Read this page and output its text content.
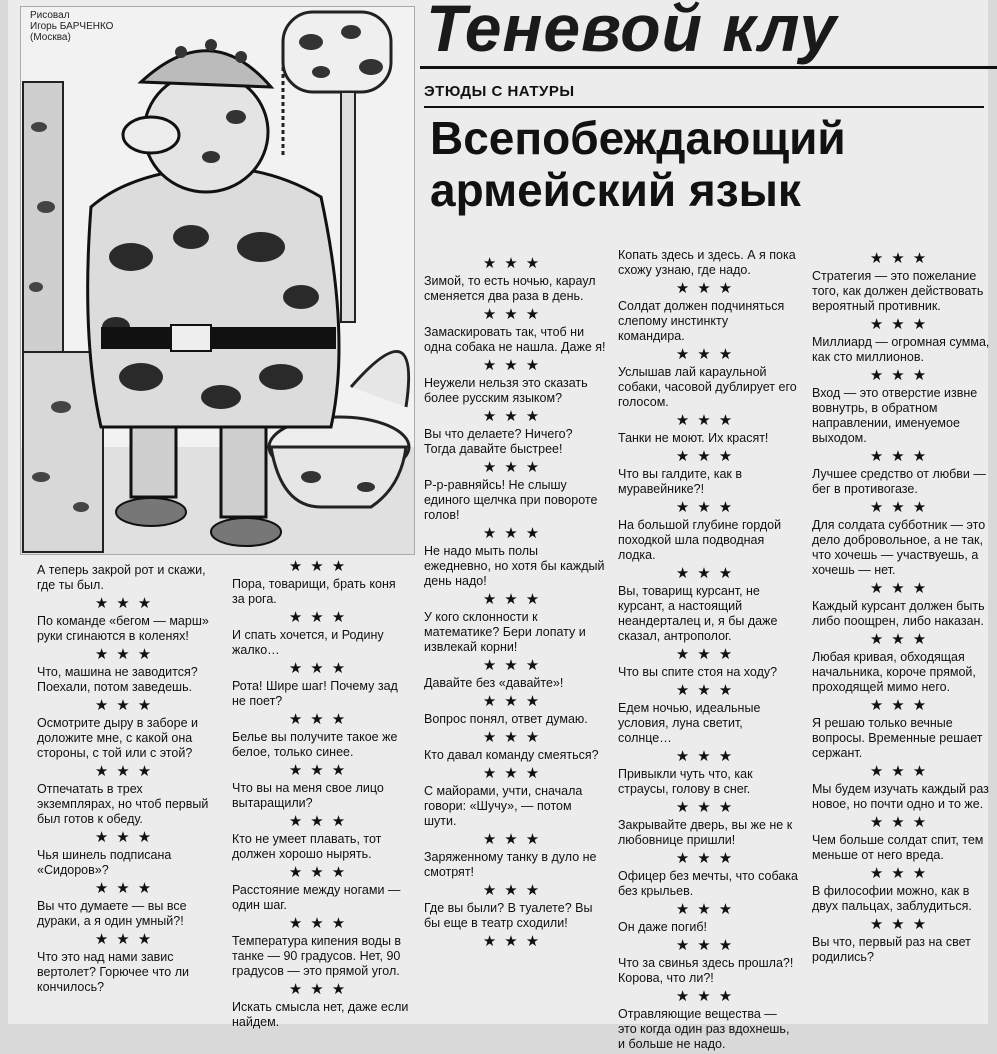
Рисовал
Игорь БАРЧЕНКО
(Москва)	Теневой клу
ЭТЮДЫ С НАТУРЫ
Всепобеждающий армейский язык

А теперь закрой рот и скажи, где ты был.

★★★

По команде «бегом — марш» руки сгинаются в коленях!

★★★

Что, машина не заводится? Поехали, потом заведешь.

★★★

Осмотрите дыру в заборе и доложите мне, с какой она стороны, с той или с этой?

★★★

Отпечатать в трех экземплярах, но чтоб первый был готов к обеду.

★★★

Чья шинель подписана «Сидоров»?

★★★

Вы что думаете — вы все дураки, а я один умный?!

★★★

Что это над нами завис вертолет? Горючее что ли кончилось?

★★★

Пора, товарищи, брать коня за рога.

★★★

И спать хочется, и Родину жалко…

★★★

Рота! Шире шаг! Почему зад не поет?

★★★

Белье вы получите такое же белое, только синее.

★★★

Что вы на меня свое лицо вытаращили?

★★★

Кто не умеет плавать, тот должен хорошо нырять.

★★★

Расстояние между ногами — один шаг.

★★★

Температура кипения воды в танке — 90 градусов. Нет, 90 градусов — это прямой угол.

★★★

Искать смысла нет, даже если найдем.

★★★

Зимой, то есть ночью, караул сменяется два раза в день.

★★★

Замаскировать так, чтоб ни одна собака не нашла. Даже я!

★★★

Неужели нельзя это сказать более русским языком?

★★★

Вы что делаете? Ничего? Тогда давайте быстрее!

★★★

Р-р-равняйсь! Не слышу единого щелчка при повороте голов!

★★★

Не надо мыть полы ежедневно, но хотя бы каждый день надо!

★★★

У кого склонности к математике? Бери лопату и извлекай корни!

★★★

Давайте без «давайте»!

★★★

Вопрос понял, ответ думаю.

★★★

Кто давал команду смеяться?

★★★

С майорами, учти, сначала говори: «Шучу», — потом шути.

★★★

Заряженному танку в дуло не смотрят!

★★★

Где вы были? В туалете? Вы бы еще в театр сходили!

★★★

Копать здесь и здесь. А я пока схожу узнаю, где надо.

★★★

Солдат должен подчиняться слепому инстинкту командира.

★★★

Услышав лай караульной собаки, часовой дублирует его голосом.

★★★

Танки не моют. Их красят!

★★★

Что вы галдите, как в муравейнике?!

★★★

На большой глубине гордой походкой шла подводная лодка.

★★★

Вы, товарищ курсант, не курсант, а настоящий неандерталец и, я бы даже сказал, антрополог.

★★★

Что вы спите стоя на ходу?

★★★

Едем ночью, идеальные условия, луна светит, солнце…

★★★

Привыкли чуть что, как страусы, голову в снег.

★★★

Закрывайте дверь, вы же не к любовнице пришли!

★★★

Офицер без мечты, что собака без крыльев.

★★★

Он даже погиб!

★★★

Что за свинья здесь прошла?! Корова, что ли?!

★★★

Отравляющие вещества — это когда один раз вдохнешь, и больше не надо.

★★★

Стратегия — это пожелание того, как должен действовать вероятный противник.

★★★

Миллиард — огромная сумма, как сто миллионов.

★★★

Вход — это отверстие извне вовнутрь, в обратном направлении, именуемое выходом.

★★★

Лучшее средство от любви — бег в противогазе.

★★★

Для солдата субботник — это дело добровольное, а не так, что хочешь — участвуешь, а хочешь — нет.

★★★

Каждый курсант должен быть либо поощрен, либо наказан.

★★★

Любая кривая, обходящая начальника, короче прямой, проходящей мимо него.

★★★

Я решаю только вечные вопросы. Временные решает сержант.

★★★

Мы будем изучать каждый раз новое, но почти одно и то же.

★★★

Чем больше солдат спит, тем меньше от него вреда.

★★★

В философии можно, как в двух пальцах, заблудиться.

★★★

Вы что, первый раз на свет родились?
